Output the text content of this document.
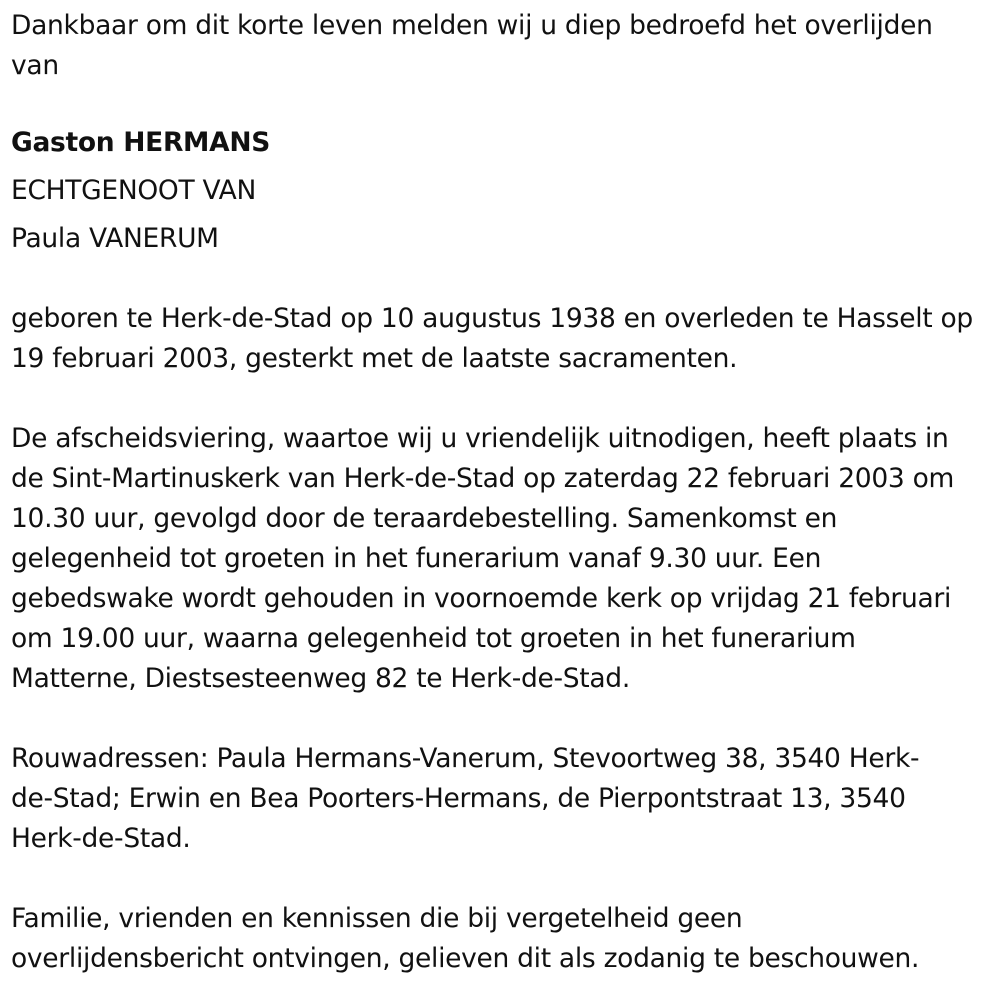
Dankbaar om dit korte leven melden wij u diep bedroefd het overlijden van

Gaston HERMANS

ECHTGENOOT VAN

Paula VANERUM

geboren te Herk-de-Stad op 10 augustus 1938 en overleden te Hasselt op 19 februari 2003, gesterkt met de laatste sacramenten.

De afscheidsviering, waartoe wij u vriendelijk uitnodigen, heeft plaats in de Sint-Martinuskerk van Herk-de-Stad op zaterdag 22 februari 2003 om 10.30 uur, gevolgd door de teraardebestelling. Samenkomst en gelegenheid tot groeten in het funerarium vanaf 9.30 uur. Een gebedswake wordt gehouden in voornoemde kerk op vrijdag 21 februari om 19.00 uur, waarna gelegenheid tot groeten in het funerarium Matterne, Diestsesteenweg 82 te Herk-de-Stad.

Rouwadressen: Paula Hermans-Vanerum, Stevoortweg 38, 3540 Herk-de-Stad; Erwin en Bea Poorters-Hermans, de Pierpontstraat 13, 3540 Herk-de-Stad.

Familie, vrienden en kennissen die bij vergetelheid geen overlijdensbericht ontvingen, gelieven dit als zodanig te beschouwen.
